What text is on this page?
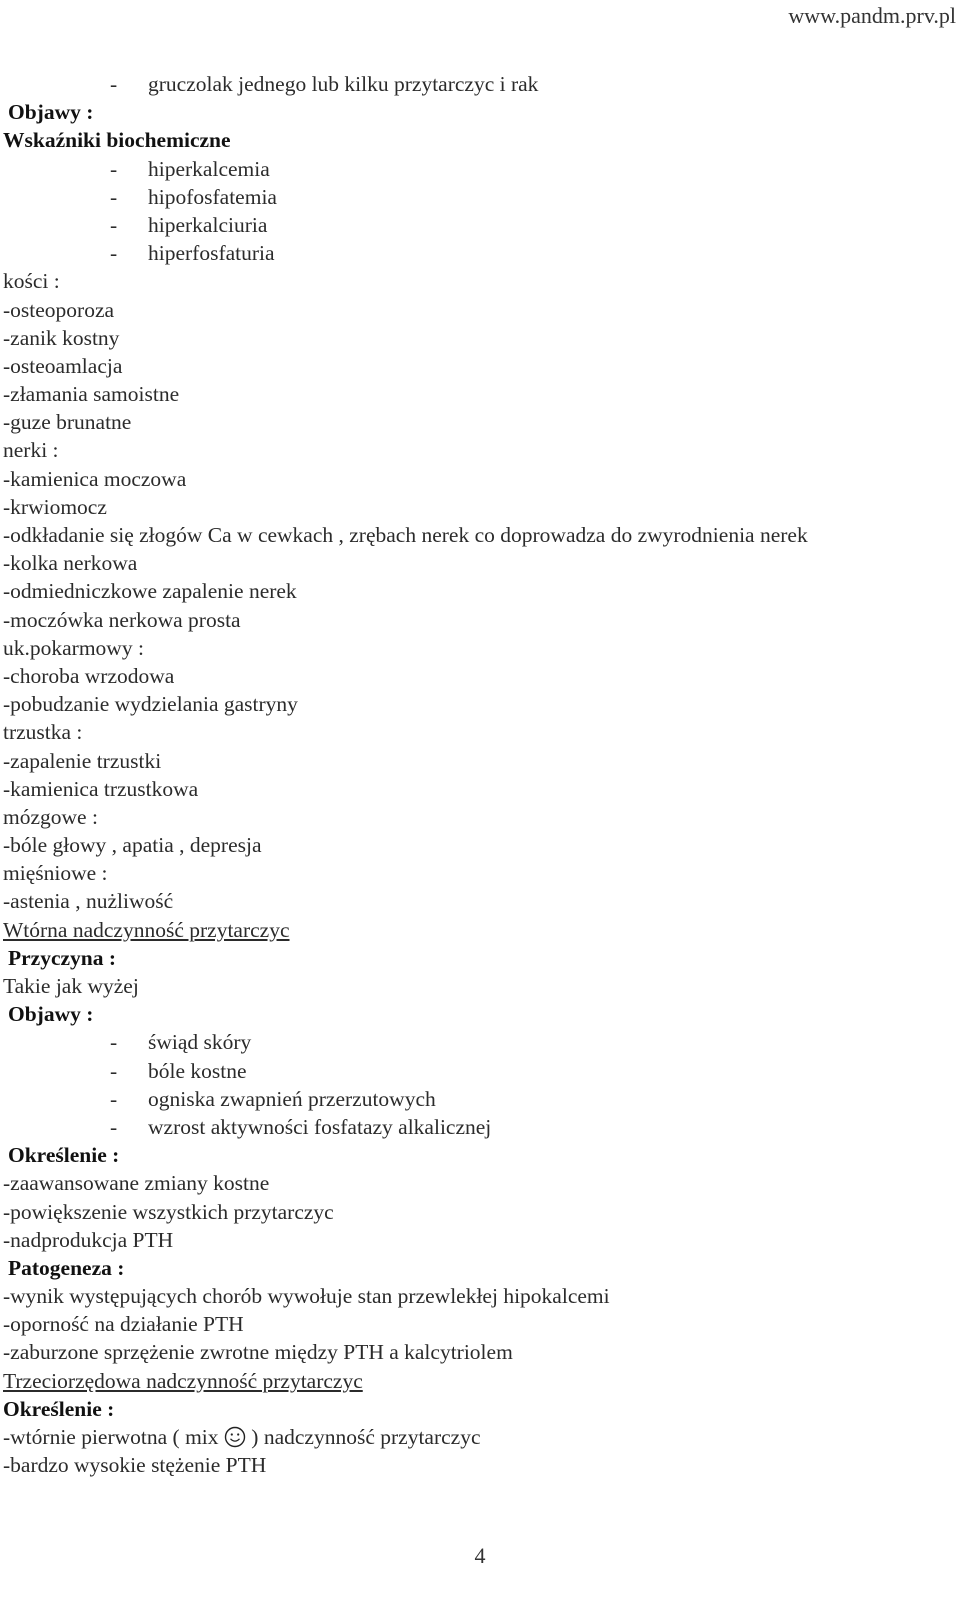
www.pandm.prv.pl
- gruczolak jednego lub kilku przytarczyc i rak
Objawy :
Wskaźniki biochemiczne
- hiperkalcemia
- hipofosfatemia
- hiperkalciuria
- hiperfosfaturia
kości :
-osteoporoza
-zanik kostny
-osteoamlacja
-złamania samoistne
-guze brunatne
nerki :
-kamienica moczowa
-krwiomocz
-odkładanie się złogów Ca w cewkach , zrębach nerek co doprowadza do zwyrodnienia nerek
-kolka nerkowa
-odmiedniczkowe zapalenie nerek
-moczówka nerkowa prosta
uk.pokarmowy :
-choroba wrzodowa
-pobudzanie wydzielania gastryny
trzustka :
-zapalenie trzustki
-kamienica trzustkowa
mózgowe :
-bóle głowy , apatia , depresja
mięśniowe :
-astenia , nużliwość
Wtórna nadczynność przytarczyc
Przyczyna :
Takie jak wyżej
Objawy :
- świąd skóry
- bóle kostne
- ogniska zwapnień przerzutowych
- wzrost aktywności fosfatazy alkalicznej
Określenie :
-zaawansowane zmiany kostne
-powiększenie wszystkich przytarczyc
-nadprodukcja PTH
Patogeneza :
-wynik występujących chorób wywołuje stan przewlekłej hipokalcemi
-oporność na działanie PTH
-zaburzone sprzężenie zwrotne między PTH a kalcytriolem
Trzeciorzędowa nadczynność przytarczyc
Określenie :
-wtórnie pierwotna ( mix  ) nadczynność przytarczyc
-bardzo wysokie stężenie PTH
4
